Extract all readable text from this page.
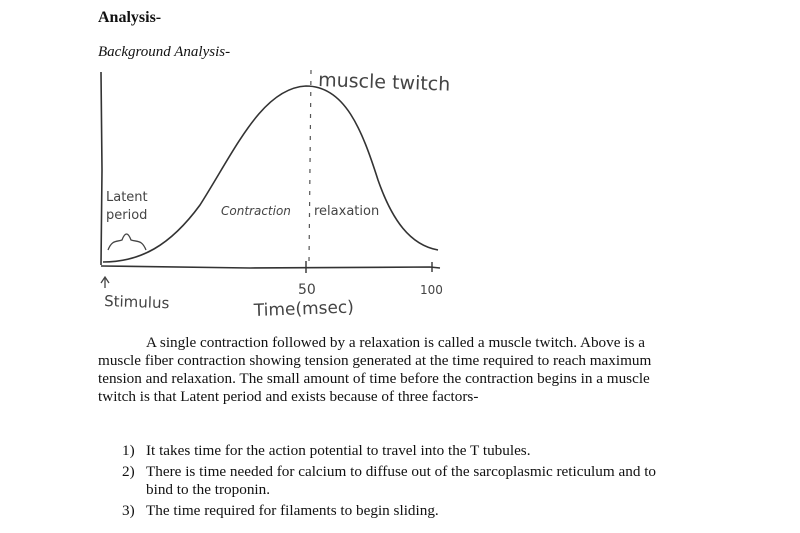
Analysis-
Background Analysis-
muscle twitch
Latent
period	Contraction relaxation
Stimulus
50	100
Time(msec)

A single contraction followed by a relaxation is called a muscle twitch. Above is a muscle fiber contraction showing tension generated at the time required to reach maximum tension and relaxation. The small amount of time before the contraction begins in a muscle twitch is that Latent period and exists because of three factors-

1) It takes time for the action potential to travel into the T tubules.
2) There is time needed for calcium to diffuse out of the sarcoplasmic reticulum and to bind to the troponin.
3) The time required for filaments to begin sliding.
